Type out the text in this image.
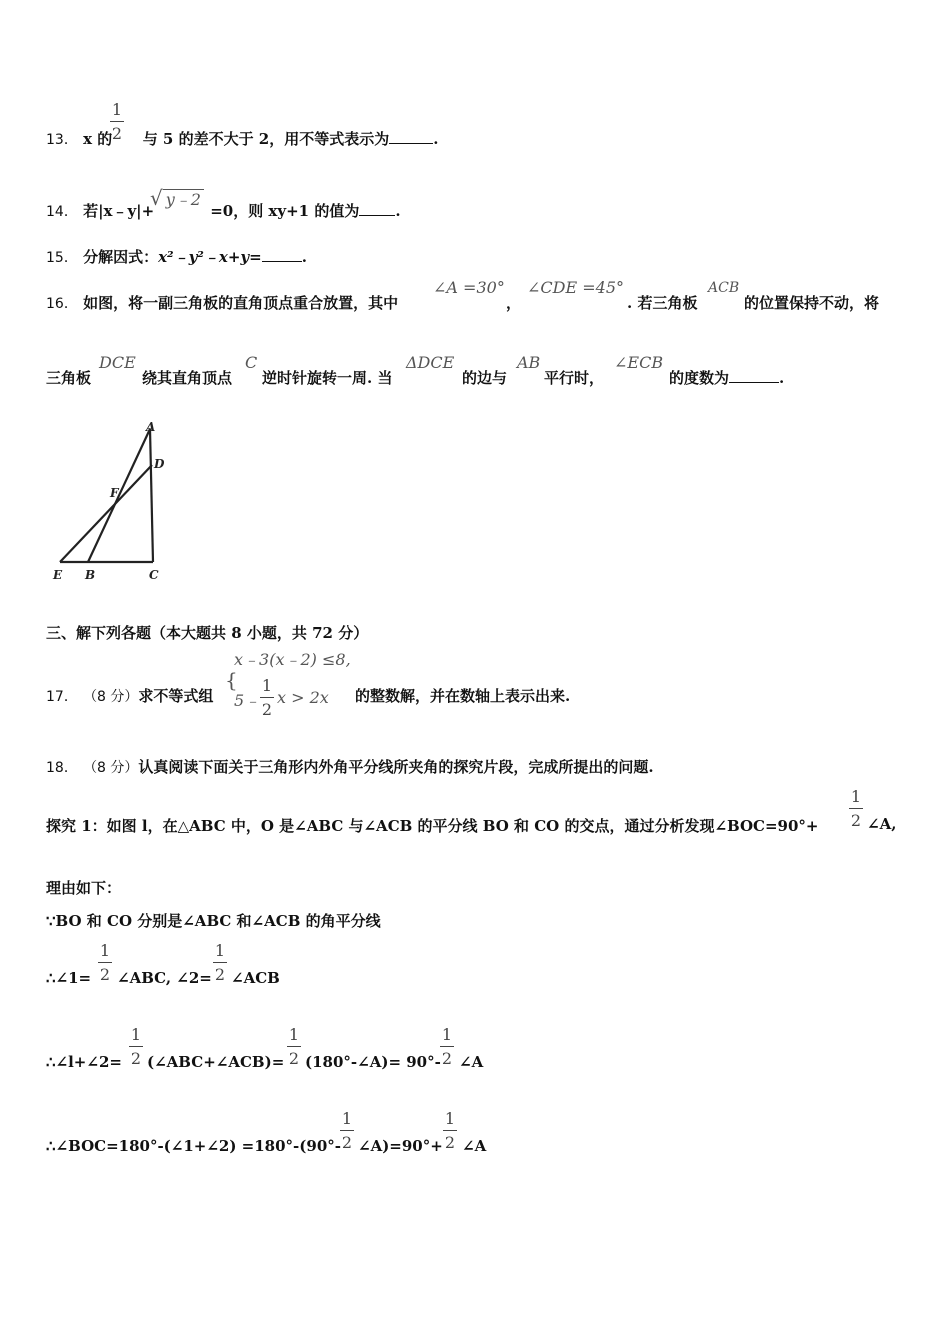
13． x 的 与 5 的差不大于 2，用不等式表示为	.
1
2
14． 若|x﹣y|+	=0，则 xy+1 的值为 .
√ y﹣2
15． 分解因式：x²﹣y²﹣x+y=	.
16． 如图，将一副三角板的直角顶点重合放置，其中
∠A =30°
，
∠CDE =45°
. 若三角板
ACB
的位置保持不动，将
三角板
DCE
绕其直角顶点
C
逆时针旋转一周. 当
ΔDCE
的边与
AB
平行时，
∠ECB
的度数为	.
A
D
F
E B	C
三、解下列各题（本大题共 8 小题，共 72 分）
x﹣3(x﹣2) ≤8,
{
5﹣
1
2
x > 2x
17． （8 分）求不等式组	的整数解，并在数轴上表示出来.
18． （8 分）认真阅读下面关于三角形内外角平分线所夹角的探究片段，完成所提出的问题.
探究 1：如图 l，在△ABC 中，O 是∠ABC 与∠ACB 的平分线 BO 和 CO 的交点，通过分析发现∠BOC=90°+
1
2 ∠A,
理由如下：
∵BO 和 CO 分别是∠ABC 和∠ACB 的角平分线
∴∠1=
1
2 ∠ABC, ∠2=
1
2 ∠ACB
∴∠l+∠2=
1
2 (∠ABC+∠ACB)=
1
2 (180°-∠A)= 90°-
1
2 ∠A
∴∠BOC=180°-(∠1+∠2) =180°-(90°-
1
2 ∠A)=90°+
1
2 ∠A
